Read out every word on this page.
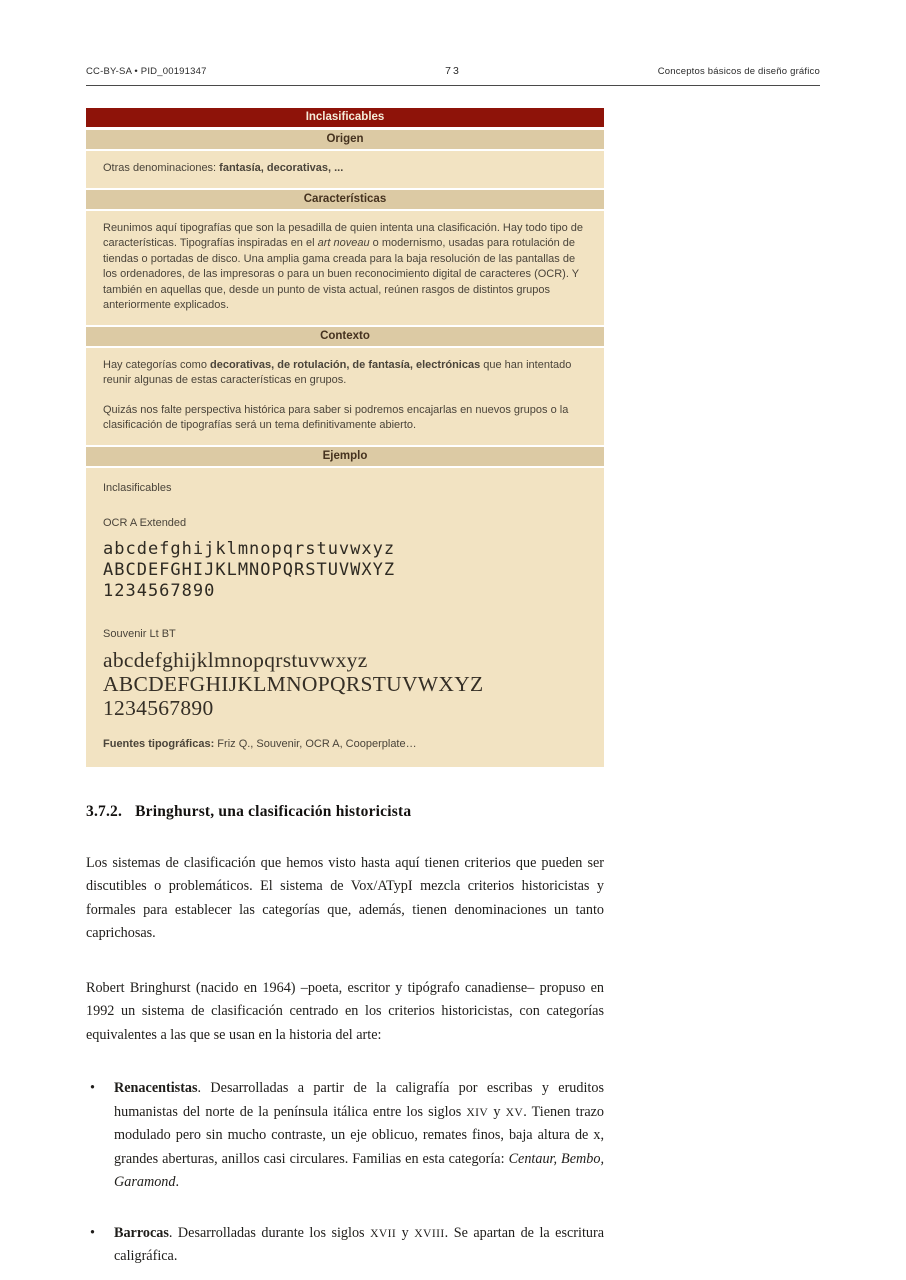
CC-BY-SA • PID_00191347	73	Conceptos básicos de diseño gráfico
Inclasificables
Origen

Otras denominaciones: fantasía, decorativas, ...

Características

Reunimos aquí tipografías que son la pesadilla de quien intenta una clasificación. Hay todo tipo de características. Tipografías inspiradas en el art noveau o modernismo, usadas para rotulación de tiendas o portadas de disco. Una amplia gama creada para la baja resolución de las pantallas de los ordenadores, de las impresoras o para un buen reconocimiento digital de caracteres (OCR). Y también en aquellas que, desde un punto de vista actual, reúnen rasgos de distintos grupos anteriormente explicados.

Contexto

Hay categorías como decorativas, de rotulación, de fantasía, electrónicas que han intentado reunir algunas de estas características en grupos.

Quizás nos falte perspectiva histórica para saber si podremos encajarlas en nuevos grupos o la clasificación de tipografías será un tema definitivamente abierto.

Ejemplo

Inclasificables

OCR A Extended

abcdefghijklmnopqrstuvwxyz
ABCDEFGHIJKLMNOPQRSTUVWXYZ
1234567890

Souvenir Lt BT

abcdefghijklmnopqrstuvwxyz
ABCDEFGHIJKLMNOPQRSTUVWXYZ
1234567890

Fuentes tipográficas: Friz Q., Souvenir, OCR A, Cooperplate…

3.7.2. Bringhurst, una clasificación historicista

Los sistemas de clasificación que hemos visto hasta aquí tienen criterios que pueden ser discutibles o problemáticos. El sistema de Vox/ATypI mezcla criterios historicistas y formales para establecer las categorías que, además, tienen denominaciones un tanto caprichosas.

Robert Bringhurst (nacido en 1964) –poeta, escritor y tipógrafo canadiense– propuso en 1992 un sistema de clasificación centrado en los criterios historicistas, con categorías equivalentes a las que se usan en la historia del arte:

• Renacentistas. Desarrolladas a partir de la caligrafía por escribas y eruditos humanistas del norte de la península itálica entre los siglos XIV y XV. Tienen trazo modulado pero sin mucho contraste, un eje oblicuo, remates finos, baja altura de x, grandes aberturas, anillos casi circulares. Familias en esta categoría: Centaur, Bembo, Garamond.
• Barrocas. Desarrolladas durante los siglos XVII y XVIII. Se apartan de la escritura caligráfica.
